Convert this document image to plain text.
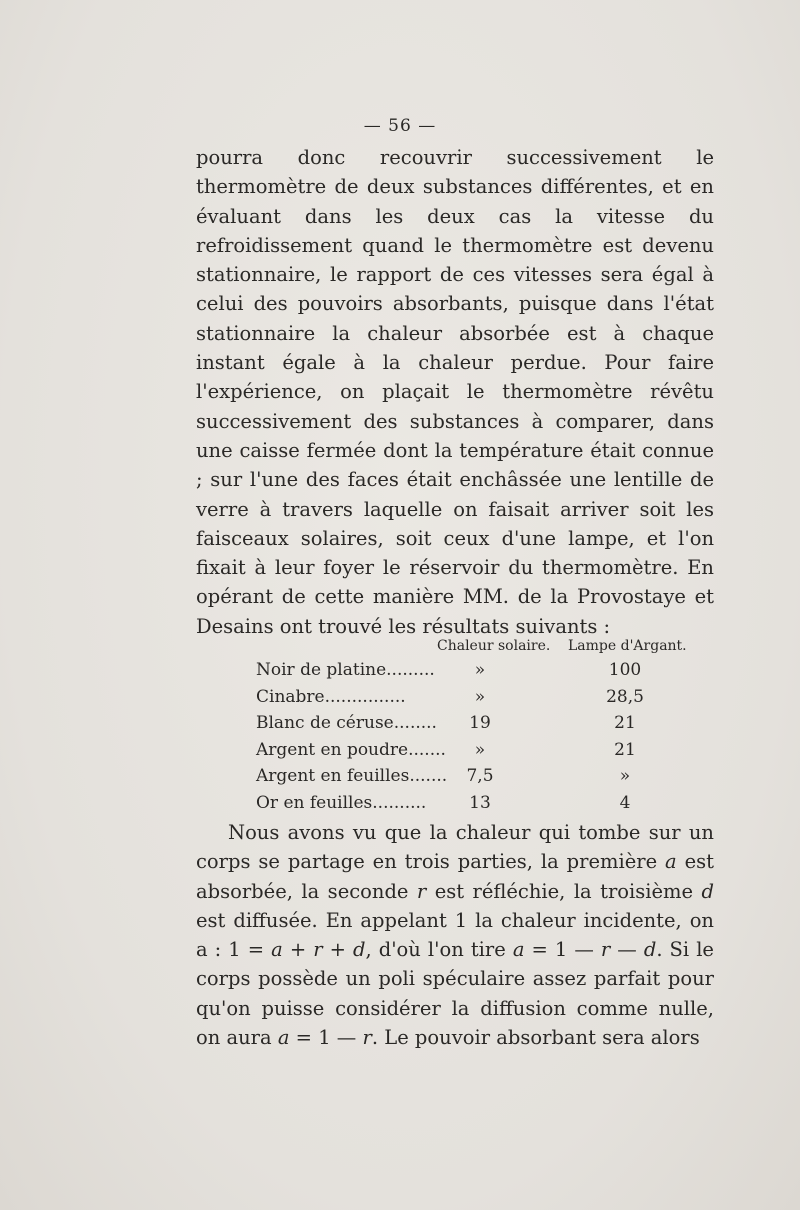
— 56 —

pourra donc recouvrir successivement le thermomètre de deux substances différentes, et en évaluant dans les deux cas la vitesse du refroidissement quand le thermomètre est devenu stationnaire, le rapport de ces vitesses sera égal à celui des pouvoirs absorbants, puisque dans l'état stationnaire la chaleur absorbée est à chaque instant égale à la chaleur perdue. Pour faire l'expérience, on plaçait le thermomètre révêtu successivement des substances à comparer, dans une caisse fermée dont la température était connue ; sur l'une des faces était enchâssée une lentille de verre à travers laquelle on faisait arriver soit les faisceaux solaires, soit ceux d'une lampe, et l'on fixait à leur foyer le réservoir du thermomètre. En opérant de cette manière MM. de la Provostaye et Desains ont trouvé les résultats suivants :

Chaleur solaire. Lampe d'Argant.
Noir de platine.........	»	100
Cinabre...............	»	28,5
Blanc de céruse........	19	21
Argent en poudre.......	»	21
Argent en feuilles.......	7,5	»
Or en feuilles..........	13	4

Nous avons vu que la chaleur qui tombe sur un corps se partage en trois parties, la première a est absorbée, la seconde r est réfléchie, la troisième d est diffusée. En appelant 1 la chaleur incidente, on a : 1 = a + r + d, d'où l'on tire a = 1 — r — d. Si le corps possède un poli spéculaire assez parfait pour qu'on puisse considérer la diffusion comme nulle, on aura a = 1 — r. Le pouvoir absorbant sera alors
